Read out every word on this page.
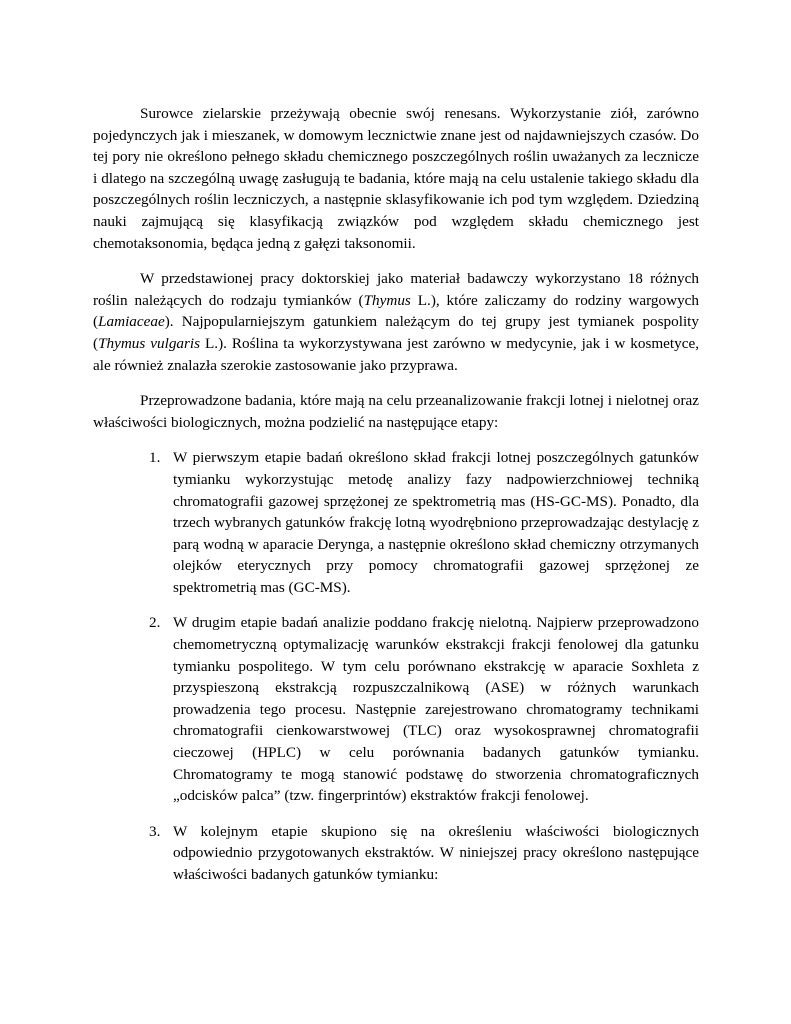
Surowce zielarskie przeżywają obecnie swój renesans. Wykorzystanie ziół, zarówno pojedynczych jak i mieszanek, w domowym lecznictwie znane jest od najdawniejszych czasów. Do tej pory nie określono pełnego składu chemicznego poszczególnych roślin uważanych za lecznicze i dlatego na szczególną uwagę zasługują te badania, które mają na celu ustalenie takiego składu dla poszczególnych roślin leczniczych, a następnie sklasyfikowanie ich pod tym względem. Dziedziną nauki zajmującą się klasyfikacją związków pod względem składu chemicznego jest chemotaksonomia, będąca jedną z gałęzi taksonomii.

W przedstawionej pracy doktorskiej jako materiał badawczy wykorzystano 18 różnych roślin należących do rodzaju tymianków (Thymus L.), które zaliczamy do rodziny wargowych (Lamiaceae). Najpopularniejszym gatunkiem należącym do tej grupy jest tymianek pospolity (Thymus vulgaris L.). Roślina ta wykorzystywana jest zarówno w medycynie, jak i w kosmetyce, ale również znalazła szerokie zastosowanie jako przyprawa.

Przeprowadzone badania, które mają na celu przeanalizowanie frakcji lotnej i nielotnej oraz właściwości biologicznych, można podzielić na następujące etapy:

1. W pierwszym etapie badań określono skład frakcji lotnej poszczególnych gatunków tymianku wykorzystując metodę analizy fazy nadpowierzchniowej techniką chromatografii gazowej sprzężonej ze spektrometrią mas (HS-GC-MS). Ponadto, dla trzech wybranych gatunków frakcję lotną wyodrębniono przeprowadzając destylację z parą wodną w aparacie Derynga, a następnie określono skład chemiczny otrzymanych olejków eterycznych przy pomocy chromatografii gazowej sprzężonej ze spektrometrią mas (GC-MS).
2. W drugim etapie badań analizie poddano frakcję nielotną. Najpierw przeprowadzono chemometryczną optymalizację warunków ekstrakcji frakcji fenolowej dla gatunku tymianku pospolitego. W tym celu porównano ekstrakcję w aparacie Soxhleta z przyspieszoną ekstrakcją rozpuszczalnikową (ASE) w różnych warunkach prowadzenia tego procesu. Następnie zarejestrowano chromatogramy technikami chromatografii cienkowarstwowej (TLC) oraz wysokosprawnej chromatografii cieczowej (HPLC) w celu porównania badanych gatunków tymianku. Chromatogramy te mogą stanowić podstawę do stworzenia chromatograficznych „odcisków palca” (tzw. fingerprintów) ekstraktów frakcji fenolowej.
3. W kolejnym etapie skupiono się na określeniu właściwości biologicznych odpowiednio przygotowanych ekstraktów. W niniejszej pracy określono następujące właściwości badanych gatunków tymianku:
